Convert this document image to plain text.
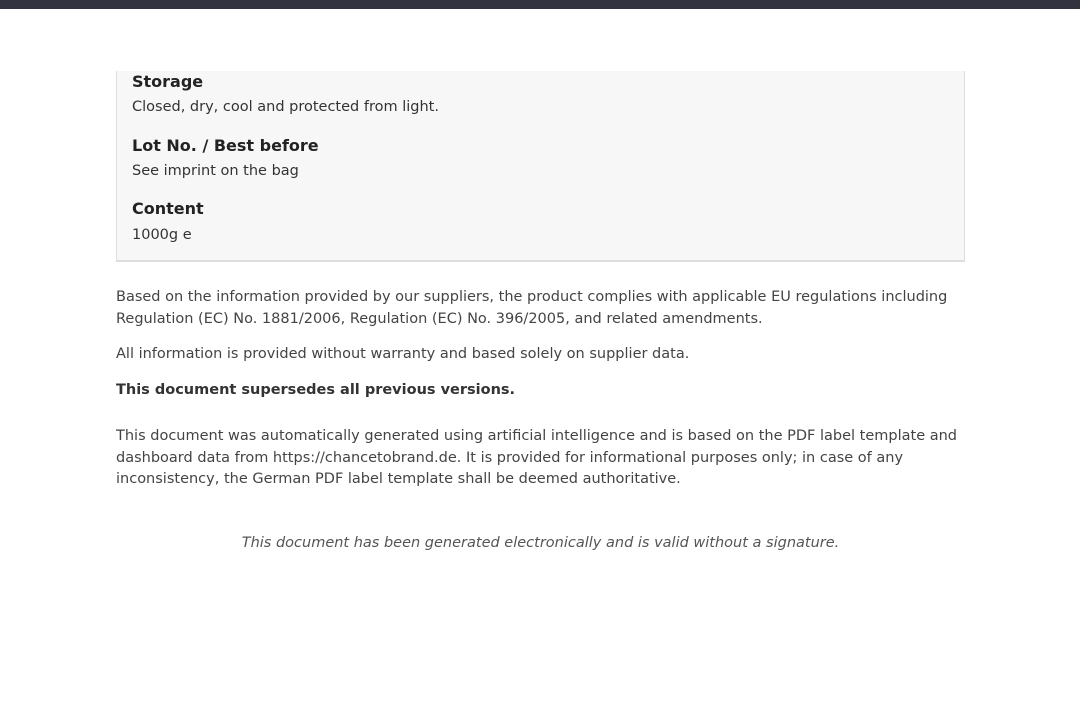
Storage
Closed, dry, cool and protected from light.
Lot No. / Best before
See imprint on the bag
Content
1000g e

Based on the information provided by our suppliers, the product complies with applicable EU regulations including Regulation (EC) No. 1881/2006, Regulation (EC) No. 396/2005, and related amendments.

All information is provided without warranty and based solely on supplier data.

This document supersedes all previous versions.

This document was automatically generated using artificial intelligence and is based on the PDF label template and dashboard data from https://chancetobrand.de. It is provided for informational purposes only; in case of any inconsistency, the German PDF label template shall be deemed authoritative.

This document has been generated electronically and is valid without a signature.
